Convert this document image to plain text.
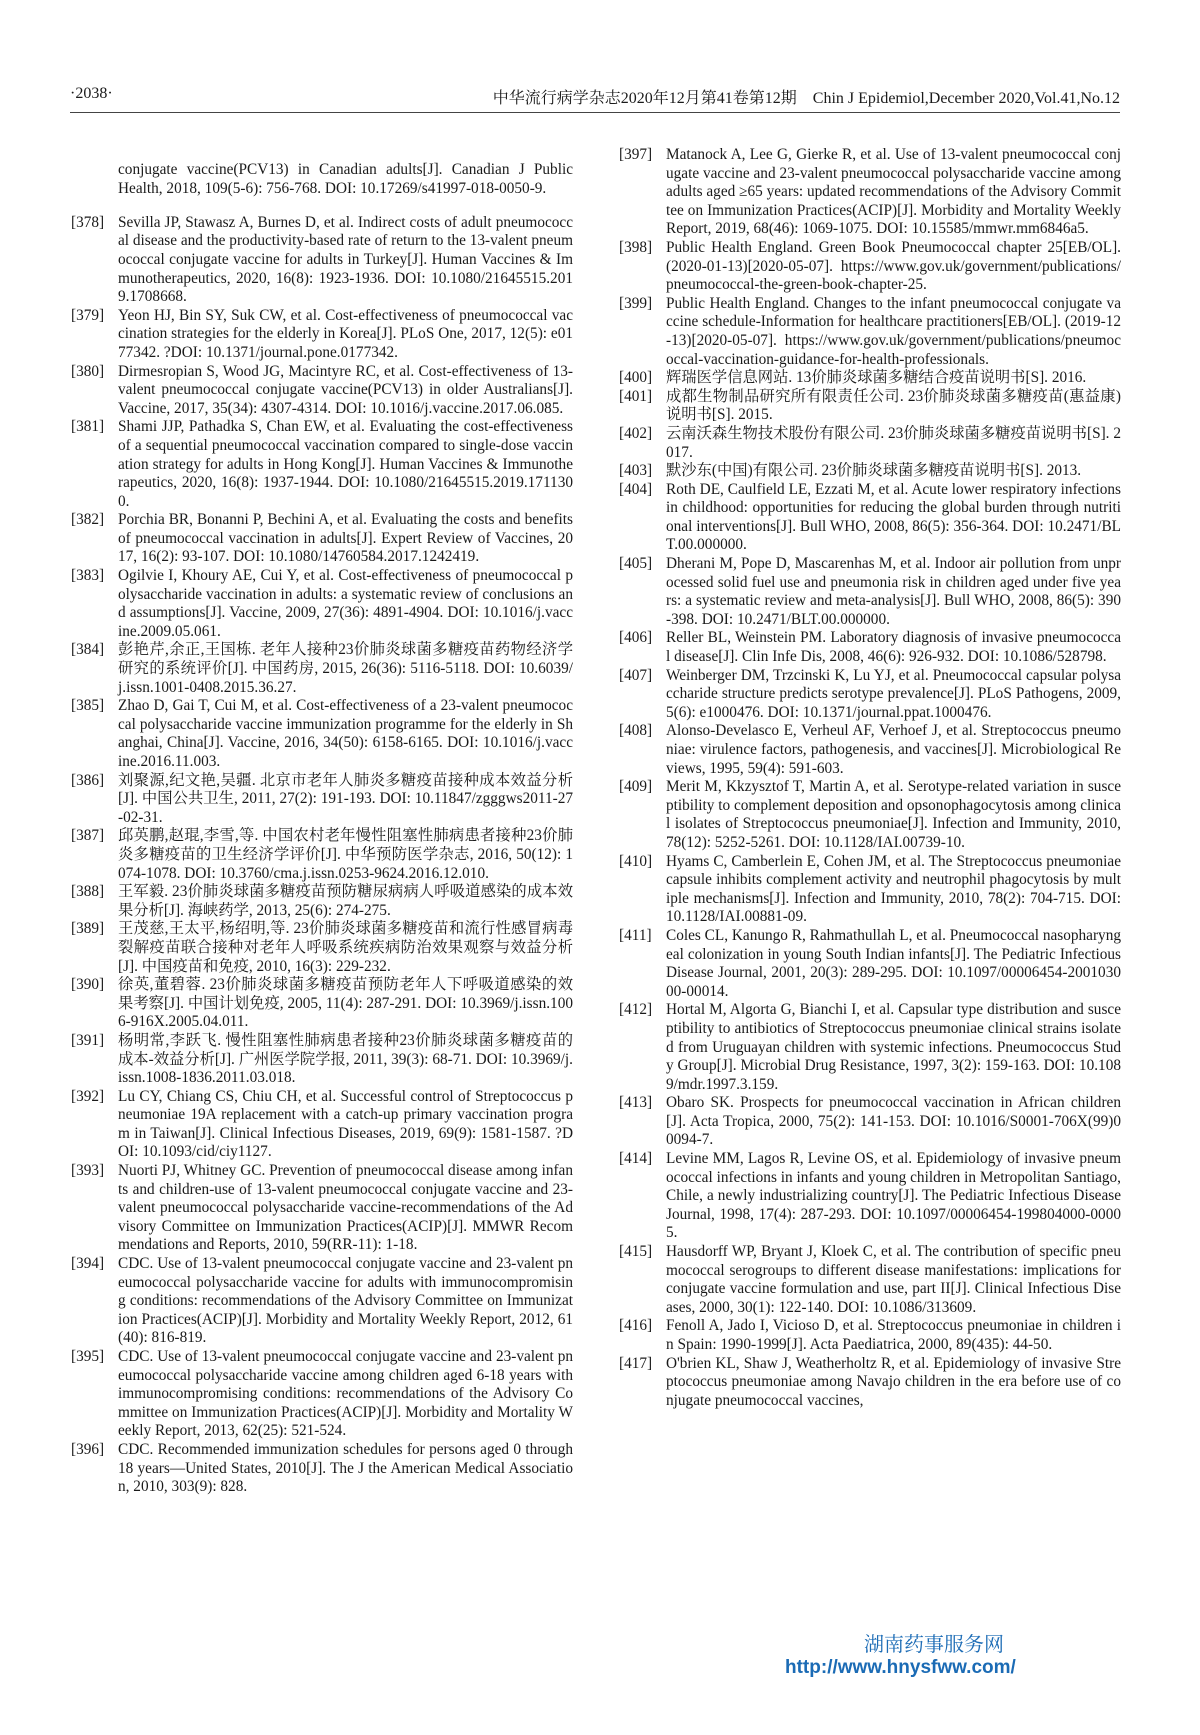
·2038·	中华流行病学杂志2020年12月第41卷第12期　Chin J Epidemiol,December 2020,Vol.41,No.12

conjugate vaccine(PCV13) in Canadian adults[J]. Canadian J Public Health, 2018, 109(5-6): 756-768. DOI: 10.17269/s41997-018-0050-9.

[378] Sevilla JP, Stawasz A, Burnes D, et al. Indirect costs of adult pneumococcal disease and the productivity-based rate of return to the 13-valent pneumococcal conjugate vaccine for adults in Turkey[J]. Human Vaccines & Immunotherapeutics, 2020, 16(8): 1923-1936. DOI: 10.1080/21645515.2019.1708668.

[379] Yeon HJ, Bin SY, Suk CW, et al. Cost-effectiveness of pneumococcal vaccination strategies for the elderly in Korea[J]. PLoS One, 2017, 12(5): e0177342. ?DOI: 10.1371/journal.pone.0177342.

[380] Dirmesropian S, Wood JG, Macintyre RC, et al. Cost-effectiveness of 13-valent pneumococcal conjugate vaccine(PCV13) in older Australians[J]. Vaccine, 2017, 35(34): 4307-4314. DOI: 10.1016/j.vaccine.2017.06.085.

[381] Shami JJP, Pathadka S, Chan EW, et al. Evaluating the cost-effectiveness of a sequential pneumococcal vaccination compared to single-dose vaccination strategy for adults in Hong Kong[J]. Human Vaccines & Immunotherapeutics, 2020, 16(8): 1937-1944. DOI: 10.1080/21645515.2019.1711300.

[382] Porchia BR, Bonanni P, Bechini A, et al. Evaluating the costs and benefits of pneumococcal vaccination in adults[J]. Expert Review of Vaccines, 2017, 16(2): 93-107. DOI: 10.1080/14760584.2017.1242419.

[383] Ogilvie I, Khoury AE, Cui Y, et al. Cost-effectiveness of pneumococcal polysaccharide vaccination in adults: a systematic review of conclusions and assumptions[J]. Vaccine, 2009, 27(36): 4891-4904. DOI: 10.1016/j.vaccine.2009.05.061.

[384] 彭艳芹,余正,王国栋. 老年人接种23价肺炎球菌多糖疫苗药物经济学研究的系统评价[J]. 中国药房, 2015, 26(36): 5116-5118. DOI: 10.6039/j.issn.1001-0408.2015.36.27.

[385] Zhao D, Gai T, Cui M, et al. Cost-effectiveness of a 23-valent pneumococcal polysaccharide vaccine immunization programme for the elderly in Shanghai, China[J]. Vaccine, 2016, 34(50): 6158-6165. DOI: 10.1016/j.vaccine.2016.11.003.

[386] 刘聚源,纪文艳,吴疆. 北京市老年人肺炎多糖疫苗接种成本效益分析[J]. 中国公共卫生, 2011, 27(2): 191-193. DOI: 10.11847/zgggws2011-27-02-31.

[387] 邱英鹏,赵琨,李雪,等. 中国农村老年慢性阻塞性肺病患者接种23价肺炎多糖疫苗的卫生经济学评价[J]. 中华预防医学杂志, 2016, 50(12): 1074-1078. DOI: 10.3760/cma.j.issn.0253-9624.2016.12.010.

[388] 王军毅. 23价肺炎球菌多糖疫苗预防糖尿病病人呼吸道感染的成本效果分析[J]. 海峡药学, 2013, 25(6): 274-275.

[389] 王茂慈,王太平,杨绍明,等. 23价肺炎球菌多糖疫苗和流行性感冒病毒裂解疫苗联合接种对老年人呼吸系统疾病防治效果观察与效益分析[J]. 中国疫苗和免疫, 2010, 16(3): 229-232.

[390] 徐英,董碧蓉. 23价肺炎球菌多糖疫苗预防老年人下呼吸道感染的效果考察[J]. 中国计划免疫, 2005, 11(4): 287-291. DOI: 10.3969/j.issn.1006-916X.2005.04.011.

[391] 杨明常,李跃飞. 慢性阻塞性肺病患者接种23价肺炎球菌多糖疫苗的成本-效益分析[J]. 广州医学院学报, 2011, 39(3): 68-71. DOI: 10.3969/j.issn.1008-1836.2011.03.018.

[392] Lu CY, Chiang CS, Chiu CH, et al. Successful control of Streptococcus pneumoniae 19A replacement with a catch-up primary vaccination program in Taiwan[J]. Clinical Infectious Diseases, 2019, 69(9): 1581-1587. ?DOI: 10.1093/cid/ciy1127.

[393] Nuorti PJ, Whitney GC. Prevention of pneumococcal disease among infants and children-use of 13-valent pneumococcal conjugate vaccine and 23-valent pneumococcal polysaccharide vaccine-recommendations of the Advisory Committee on Immunization Practices(ACIP)[J]. MMWR Recommendations and Reports, 2010, 59(RR-11): 1-18.

[394] CDC. Use of 13-valent pneumococcal conjugate vaccine and 23-valent pneumococcal polysaccharide vaccine for adults with immunocompromising conditions: recommendations of the Advisory Committee on Immunization Practices(ACIP)[J]. Morbidity and Mortality Weekly Report, 2012, 61(40): 816-819.

[395] CDC. Use of 13-valent pneumococcal conjugate vaccine and 23-valent pneumococcal polysaccharide vaccine among children aged 6-18 years with immunocompromising conditions: recommendations of the Advisory Committee on Immunization Practices(ACIP)[J]. Morbidity and Mortality Weekly Report, 2013, 62(25): 521-524.

[396] CDC. Recommended immunization schedules for persons aged 0 through 18 years—United States, 2010[J]. The J the American Medical Association, 2010, 303(9): 828.

[397] Matanock A, Lee G, Gierke R, et al. Use of 13-valent pneumococcal conjugate vaccine and 23-valent pneumococcal polysaccharide vaccine among adults aged ≥65 years: updated recommendations of the Advisory Committee on Immunization Practices(ACIP)[J]. Morbidity and Mortality Weekly Report, 2019, 68(46): 1069-1075. DOI: 10.15585/mmwr.mm6846a5.

[398] Public Health England. Green Book Pneumococcal chapter 25[EB/OL]. (2020-01-13)[2020-05-07]. https://www.gov.uk/government/publications/pneumococcal-the-green-book-chapter-25.

[399] Public Health England. Changes to the infant pneumococcal conjugate vaccine schedule-Information for healthcare practitioners[EB/OL]. (2019-12-13)[2020-05-07]. https://www.gov.uk/government/publications/pneumococcal-vaccination-guidance-for-health-professionals.

[400] 辉瑞医学信息网站. 13价肺炎球菌多糖结合疫苗说明书[S]. 2016.

[401] 成都生物制品研究所有限责任公司. 23价肺炎球菌多糖疫苗(惠益康)说明书[S]. 2015.

[402] 云南沃森生物技术股份有限公司. 23价肺炎球菌多糖疫苗说明书[S]. 2017.

[403] 默沙东(中国)有限公司. 23价肺炎球菌多糖疫苗说明书[S]. 2013.

[404] Roth DE, Caulfield LE, Ezzati M, et al. Acute lower respiratory infections in childhood: opportunities for reducing the global burden through nutritional interventions[J]. Bull WHO, 2008, 86(5): 356-364. DOI: 10.2471/BLT.00.000000.

[405] Dherani M, Pope D, Mascarenhas M, et al. Indoor air pollution from unprocessed solid fuel use and pneumonia risk in children aged under five years: a systematic review and meta-analysis[J]. Bull WHO, 2008, 86(5): 390-398. DOI: 10.2471/BLT.00.000000.

[406] Reller BL, Weinstein PM. Laboratory diagnosis of invasive pneumococcal disease[J]. Clin Infe Dis, 2008, 46(6): 926-932. DOI: 10.1086/528798.

[407] Weinberger DM, Trzcinski K, Lu YJ, et al. Pneumococcal capsular polysaccharide structure predicts serotype prevalence[J]. PLoS Pathogens, 2009, 5(6): e1000476. DOI: 10.1371/journal.ppat.1000476.

[408] Alonso-Develasco E, Verheul AF, Verhoef J, et al. Streptococcus pneumoniae: virulence factors, pathogenesis, and vaccines[J]. Microbiological Reviews, 1995, 59(4): 591-603.

[409] Merit M, Kkzysztof T, Martin A, et al. Serotype-related variation in susceptibility to complement deposition and opsonophagocytosis among clinical isolates of Streptococcus pneumoniae[J]. Infection and Immunity, 2010, 78(12): 5252-5261. DOI: 10.1128/IAI.00739-10.

[410] Hyams C, Camberlein E, Cohen JM, et al. The Streptococcus pneumoniae capsule inhibits complement activity and neutrophil phagocytosis by multiple mechanisms[J]. Infection and Immunity, 2010, 78(2): 704-715. DOI: 10.1128/IAI.00881-09.

[411] Coles CL, Kanungo R, Rahmathullah L, et al. Pneumococcal nasopharyngeal colonization in young South Indian infants[J]. The Pediatric Infectious Disease Journal, 2001, 20(3): 289-295. DOI: 10.1097/00006454-200103000-00014.

[412] Hortal M, Algorta G, Bianchi I, et al. Capsular type distribution and susceptibility to antibiotics of Streptococcus pneumoniae clinical strains isolated from Uruguayan children with systemic infections. Pneumococcus Study Group[J]. Microbial Drug Resistance, 1997, 3(2): 159-163. DOI: 10.1089/mdr.1997.3.159.

[413] Obaro SK. Prospects for pneumococcal vaccination in African children[J]. Acta Tropica, 2000, 75(2): 141-153. DOI: 10.1016/S0001-706X(99)00094-7.

[414] Levine MM, Lagos R, Levine OS, et al. Epidemiology of invasive pneumococcal infections in infants and young children in Metropolitan Santiago, Chile, a newly industrializing country[J]. The Pediatric Infectious Disease Journal, 1998, 17(4): 287-293. DOI: 10.1097/00006454-199804000-00005.

[415] Hausdorff WP, Bryant J, Kloek C, et al. The contribution of specific pneumococcal serogroups to different disease manifestations: implications for conjugate vaccine formulation and use, part II[J]. Clinical Infectious Diseases, 2000, 30(1): 122-140. DOI: 10.1086/313609.

[416] Fenoll A, Jado I, Vicioso D, et al. Streptococcus pneumoniae in children in Spain: 1990-1999[J]. Acta Paediatrica, 2000, 89(435): 44-50.

[417] O'brien KL, Shaw J, Weatherholtz R, et al. Epidemiology of invasive Streptococcus pneumoniae among Navajo children in the era before use of conjugate pneumococcal vaccines,

湖南药事服务网
http://www.hnysfww.com/
